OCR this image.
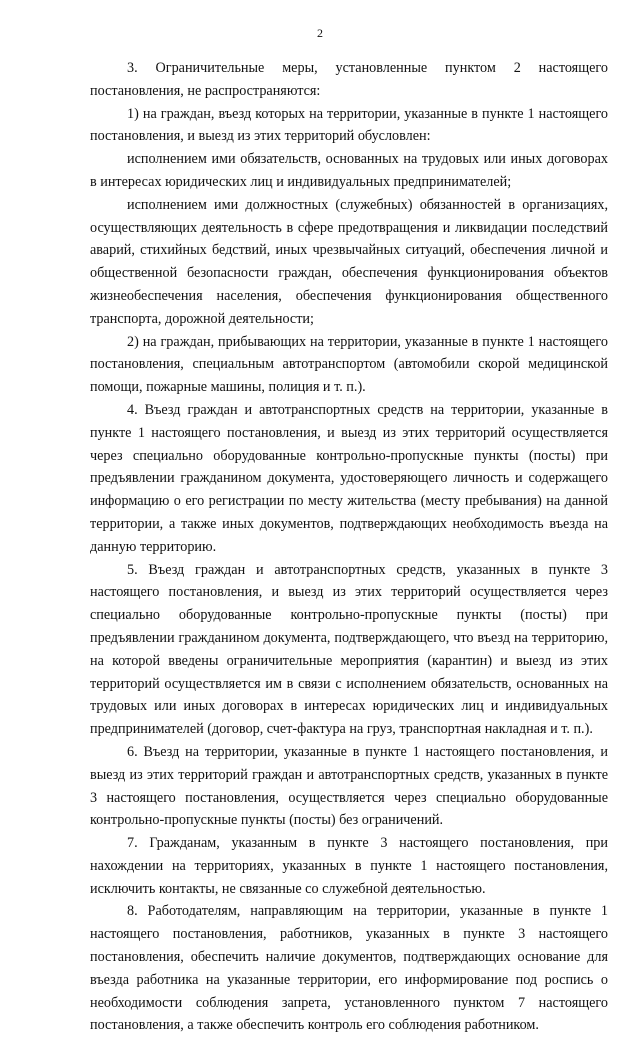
2

3. Ограничительные меры, установленные пунктом 2 настоящего постановления, не распространяются:

1) на граждан, въезд которых на территории, указанные в пункте 1 настоящего постановления, и выезд из этих территорий обусловлен:

исполнением ими обязательств, основанных на трудовых или иных договорах в интересах юридических лиц и индивидуальных предпринимателей;

исполнением ими должностных (служебных) обязанностей в организациях, осуществляющих деятельность в сфере предотвращения и ликвидации последствий аварий, стихийных бедствий, иных чрезвычайных ситуаций, обеспечения личной и общественной безопасности граждан, обеспечения функционирования объектов жизнеобеспечения населения, обеспечения функционирования общественного транспорта, дорожной деятельности;

2) на граждан, прибывающих на территории, указанные в пункте 1 настоящего постановления, специальным автотранспортом (автомобили скорой медицинской помощи, пожарные машины, полиция и т. п.).

4. Въезд граждан и автотранспортных средств на территории, указанные в пункте 1 настоящего постановления, и выезд из этих территорий осуществляется через специально оборудованные контрольно-пропускные пункты (посты) при предъявлении гражданином документа, удостоверяющего личность и содержащего информацию о его регистрации по месту жительства (месту пребывания) на данной территории, а также иных документов, подтверждающих необходимость въезда на данную территорию.

5. Въезд граждан и автотранспортных средств, указанных в пункте 3 настоящего постановления, и выезд из этих территорий осуществляется через специально оборудованные контрольно-пропускные пункты (посты) при предъявлении гражданином документа, подтверждающего, что въезд на территорию, на которой введены ограничительные мероприятия (карантин) и выезд из этих территорий осуществляется им в связи с исполнением обязательств, основанных на трудовых или иных договорах в интересах юридических лиц и индивидуальных предпринимателей (договор, счет-фактура на груз, транспортная накладная и т. п.).

6. Въезд на территории, указанные в пункте 1 настоящего постановления, и выезд из этих территорий граждан и автотранспортных средств, указанных в пункте 3 настоящего постановления, осуществляется через специально оборудованные контрольно-пропускные пункты (посты) без ограничений.

7. Гражданам, указанным в пункте 3 настоящего постановления, при нахождении на территориях, указанных в пункте 1 настоящего постановления, исключить контакты, не связанные со служебной деятельностью.

8. Работодателям, направляющим на территории, указанные в пункте 1 настоящего постановления, работников, указанных в пункте 3 настоящего постановления, обеспечить наличие документов, подтверждающих основание для въезда работника на указанные территории, его информирование под роспись о необходимости соблюдения запрета, установленного пунктом 7 настоящего постановления, а также обеспечить контроль его соблюдения работником.
